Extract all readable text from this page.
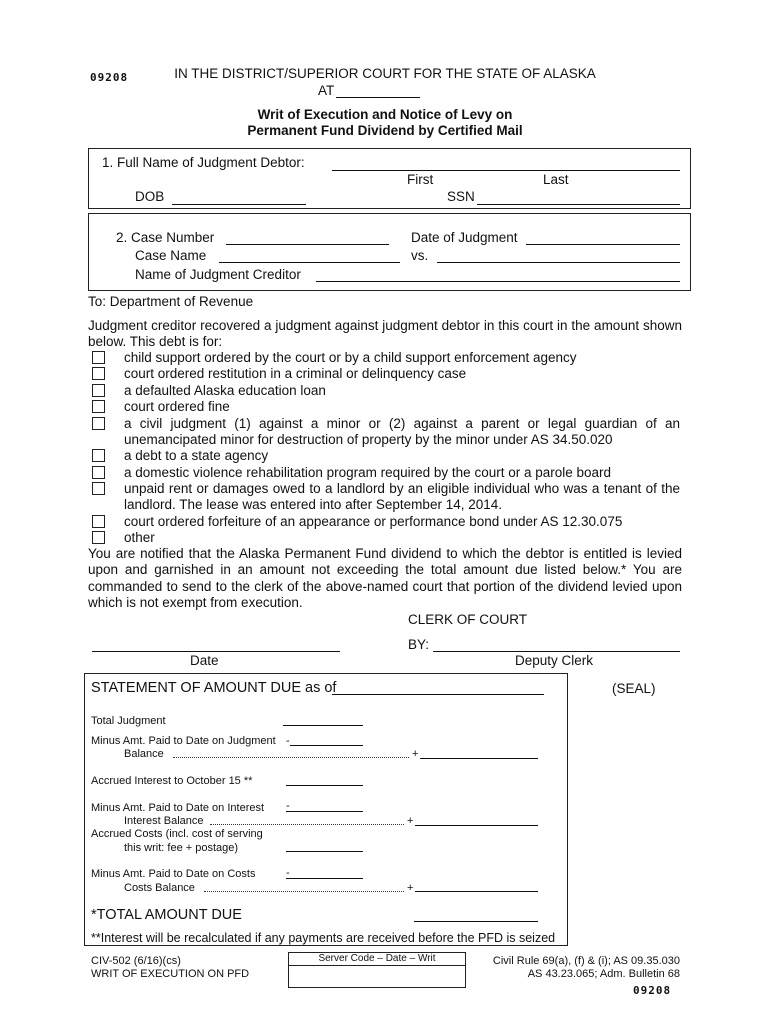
09208	IN THE DISTRICT/SUPERIOR COURT FOR THE STATE OF ALASKA
AT
Writ of Execution and Notice of Levy on
Permanent Fund Dividend by Certified Mail
1. Full Name of Judgment Debtor:
First	Last
DOB	SSN
2. Case Number	Date of Judgment
Case Name	vs.
Name of Judgment Creditor
To: Department of Revenue
Judgment creditor recovered a judgment against judgment debtor in this court in the amount shown below. This debt is for:
child support ordered by the court or by a child support enforcement agency
court ordered restitution in a criminal or delinquency case
a defaulted Alaska education loan
court ordered fine
a civil judgment (1) against a minor or (2) against a parent or legal guardian of an unemancipated minor for destruction of property by the minor under AS 34.50.020
a debt to a state agency
a domestic violence rehabilitation program required by the court or a parole board
unpaid rent or damages owed to a landlord by an eligible individual who was a tenant of the landlord. The lease was entered into after September 14, 2014.
court ordered forfeiture of an appearance or performance bond under AS 12.30.075
other
You are notified that the Alaska Permanent Fund dividend to which the debtor is entitled is levied upon and garnished in an amount not exceeding the total amount due listed below.* You are commanded to send to the clerk of the above-named court that portion of the dividend levied upon which is not exempt from execution.
CLERK OF COURT
BY:
Date	Deputy Clerk
(SEAL)
STATEMENT OF AMOUNT DUE as of
Total Judgment
Minus Amt. Paid to Date on Judgment -
Balance	+
Accrued Interest to October 15 **
Minus Amt. Paid to Date on Interest -
Interest Balance	+
Accrued Costs (incl. cost of serving
this writ: fee + postage)
Minus Amt. Paid to Date on Costs	-
Costs Balance	+
*TOTAL AMOUNT DUE
**Interest will be recalculated if any payments are received before the PFD is seized
CIV-502 (6/16)(cs)
WRIT OF EXECUTION ON PFD
Server Code – Date – Writ	Civil Rule 69(a), (f) & (i); AS 09.35.030
AS 43.23.065; Adm. Bulletin 68
09208
